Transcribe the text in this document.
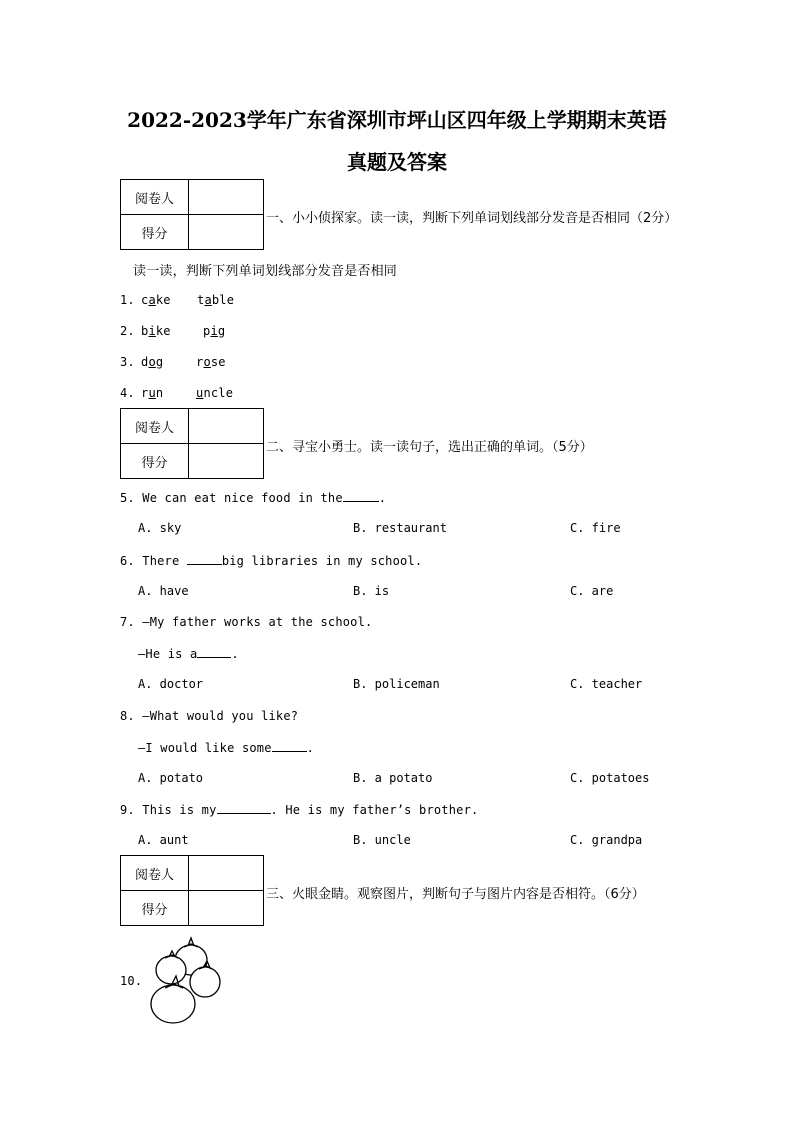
2022-2023学年广东省深圳市坪山区四年级上学期期末英语
真题及答案
阅卷人	
得分	
一、小小侦探家。读一读，判断下列单词划线部分发音是否相同（2分）
读一读，判断下列单词划线部分发音是否相同
1. cake table
2. bike	pig
3. dog	rose
4. run	uncle
阅卷人	
得分	
二、寻宝小勇士。读一读句子，选出正确的单词。（5分）
5. We can eat nice food in the	.
A. sky	B. restaurant	C. fire
6. There	big libraries in my school.
A. have	B. is	C. are
7. —My father works at the school.
—He is a	.
A. doctor	B. policeman	C. teacher
8. —What would you like?
—I would like some	.
A. potato	B. a potato	C. potatoes
9. This is my	. He is my father’s brother.
A. aunt	B. uncle	C. grandpa
阅卷人	
得分	
三、火眼金睛。观察图片，判断句子与图片内容是否相符。（6分）
10.
